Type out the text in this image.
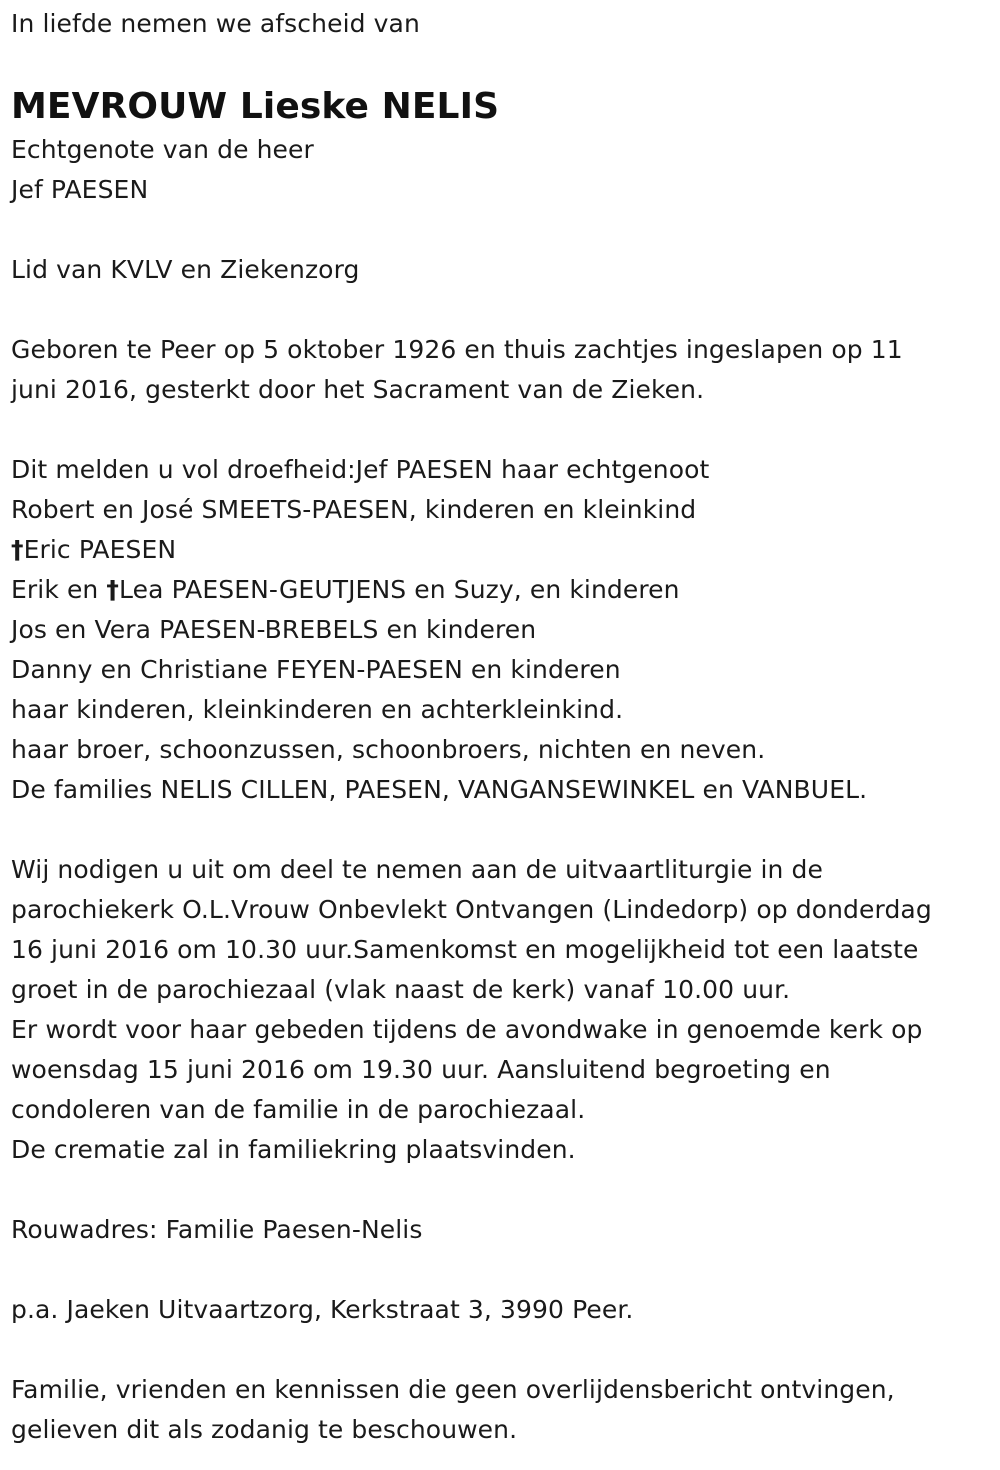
In liefde nemen we afscheid van
MEVROUW Lieske NELIS
Echtgenote van de heer
Jef PAESEN
Lid van KVLV en Ziekenzorg
Geboren te Peer op 5 oktober 1926 en thuis zachtjes ingeslapen op 11
juni 2016, gesterkt door het Sacrament van de Zieken.
Dit melden u vol droefheid:Jef PAESEN haar echtgenoot
Robert en José SMEETS-PAESEN, kinderen en kleinkind
†Eric PAESEN
Erik en †Lea PAESEN-GEUTJENS en Suzy, en kinderen
Jos en Vera PAESEN-BREBELS en kinderen
Danny en Christiane FEYEN-PAESEN en kinderen
haar kinderen, kleinkinderen en achterkleinkind.
haar broer, schoonzussen, schoonbroers, nichten en neven.
De families NELIS CILLEN, PAESEN, VANGANSEWINKEL en VANBUEL.
Wij nodigen u uit om deel te nemen aan de uitvaartliturgie in de
parochiekerk O.L.Vrouw Onbevlekt Ontvangen (Lindedorp) op donderdag
16 juni 2016 om 10.30 uur.Samenkomst en mogelijkheid tot een laatste
groet in de parochiezaal (vlak naast de kerk) vanaf 10.00 uur.
Er wordt voor haar gebeden tijdens de avondwake in genoemde kerk op
woensdag 15 juni 2016 om 19.30 uur. Aansluitend begroeting en
condoleren van de familie in de parochiezaal.
De crematie zal in familiekring plaatsvinden.
Rouwadres: Familie Paesen-Nelis
p.a. Jaeken Uitvaartzorg, Kerkstraat 3, 3990 Peer.
Familie, vrienden en kennissen die geen overlijdensbericht ontvingen,
gelieven dit als zodanig te beschouwen.
